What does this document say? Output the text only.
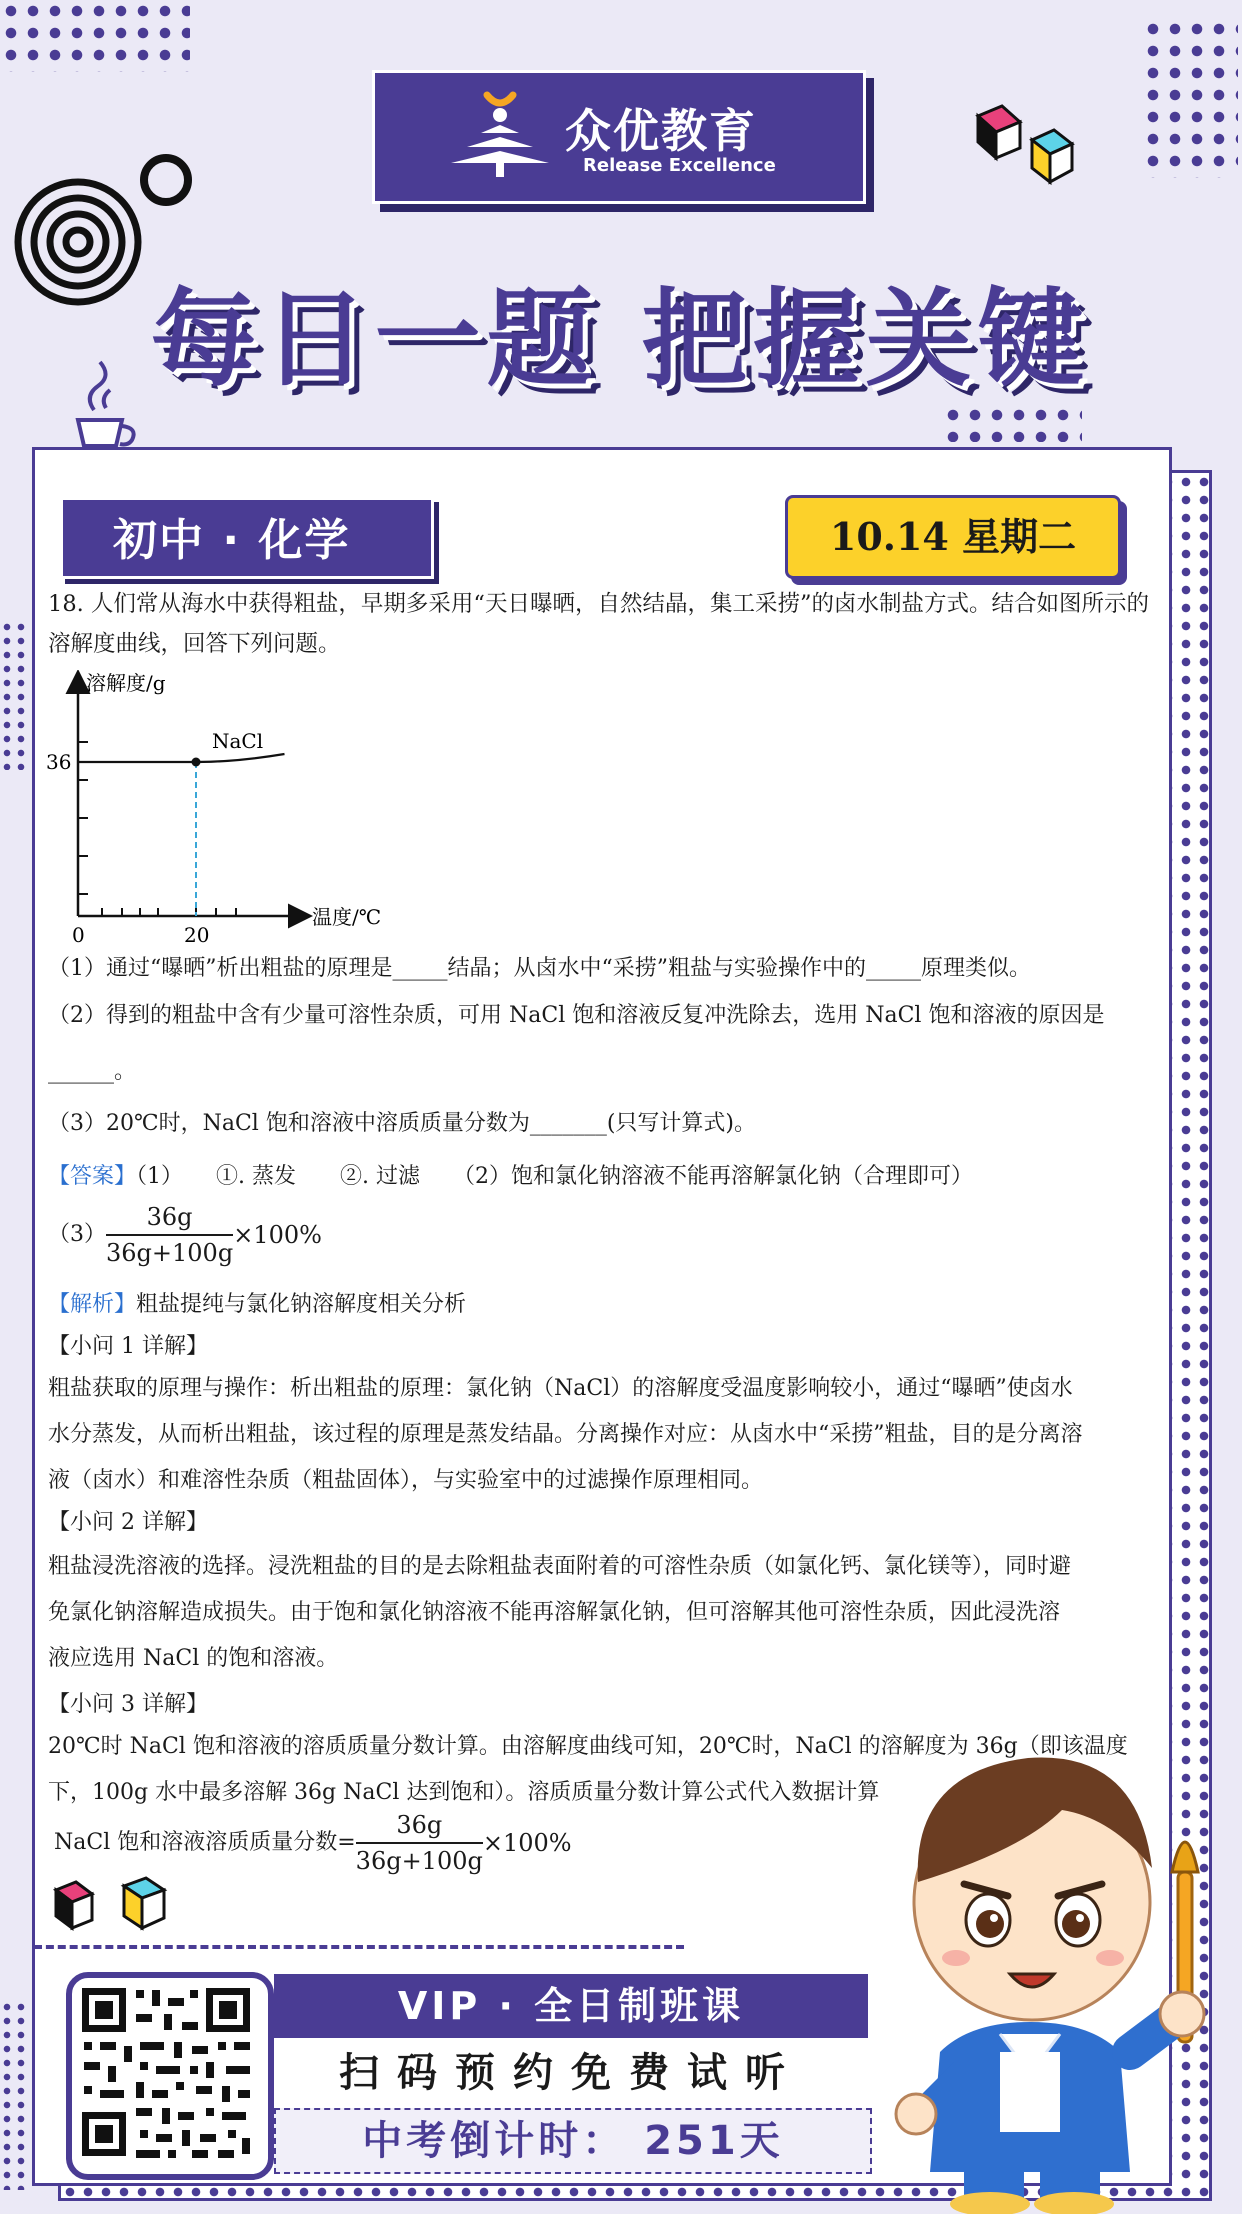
众优教育
Release Excellence
每日一题 把握关键
初中 · 化学	10.14 星期二
18. 人们常从海水中获得粗盐，早期多采用“天日曝晒，自然结晶，集工采捞”的卤水制盐方式。结合如图所示的溶解度曲线，回答下列问题。
溶解度/g
温度/℃
36
0	20
NaCl
（1）通过“曝晒”析出粗盐的原理是_____结晶；从卤水中“采捞”粗盐与实验操作中的_____原理类似。
（2）得到的粗盐中含有少量可溶性杂质，可用 NaCl 饱和溶液反复冲洗除去，选用 NaCl 饱和溶液的原因是
______。
（3）20℃时，NaCl 饱和溶液中溶质质量分数为_______(只写计算式)。
【答案】（1）　　①. 蒸发　　②. 过滤　　（2）饱和氯化钠溶液不能再溶解氯化钠（合理即可）
$(3) \frac{36g}{36g+100g} \times 100\%$
【解析】粗盐提纯与氯化钠溶解度相关分析
【小问 1 详解】
粗盐获取的原理与操作：析出粗盐的原理：氯化钠（NaCl）的溶解度受温度影响较小，通过“曝晒”使卤水
水分蒸发，从而析出粗盐，该过程的原理是蒸发结晶。分离操作对应：从卤水中“采捞”粗盐，目的是分离溶
液（卤水）和难溶性杂质（粗盐固体），与实验室中的过滤操作原理相同。
【小问 2 详解】
粗盐浸洗溶液的选择。浸洗粗盐的目的是去除粗盐表面附着的可溶性杂质（如氯化钙、氯化镁等），同时避
免氯化钠溶解造成损失。由于饱和氯化钠溶液不能再溶解氯化钠，但可溶解其他可溶性杂质，因此浸洗溶
液应选用 NaCl 的饱和溶液。
【小问 3 详解】
20℃时 NaCl 饱和溶液的溶质质量分数计算。由溶解度曲线可知，20℃时，NaCl 的溶解度为 36g（即该温度
下，100g 水中最多溶解 36g NaCl 达到饱和）。溶质质量分数计算公式代入数据计算
NaCl 饱和溶液溶质质量分数= $\frac{36g}{36g+100g} \times 100\%$
VIP · 全日制班课
扫码预约免费试听
中考倒计时： 251天
